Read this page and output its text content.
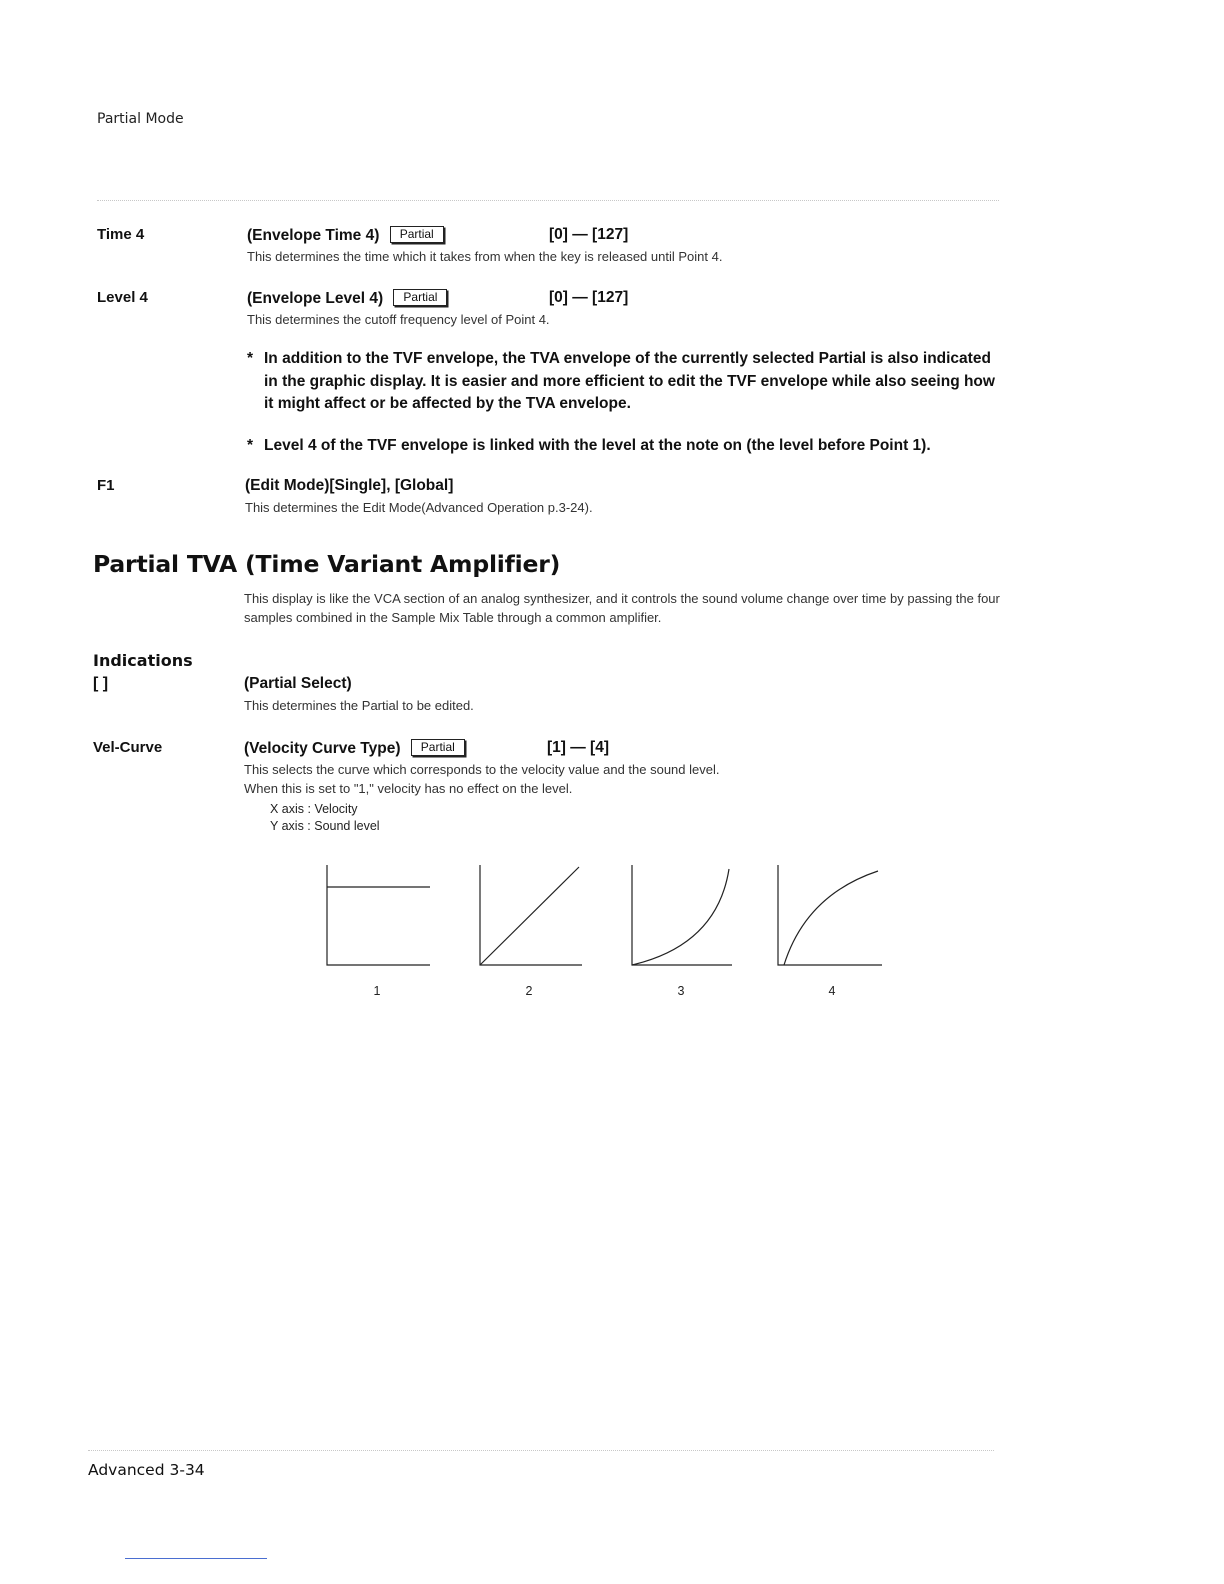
Partial Mode
Time 4	(Envelope Time 4) Partial	[0] — [127]
This determines the time which it takes from when the key is released until Point 4.
Level 4	(Envelope Level 4) Partial	[0] — [127]
This determines the cutoff frequency level of Point 4.
* In addition to the TVF envelope, the TVA envelope of the currently selected Partial is also indicated in the graphic display. It is easier and more efficient to edit the TVF envelope while also seeing how it might affect or be affected by the TVA envelope.
* Level 4 of the TVF envelope is linked with the level at the note on (the level before Point 1).
F1	(Edit Mode)[Single], [Global]
This determines the Edit Mode(Advanced Operation p.3-24).
Partial TVA (Time Variant Amplifier)
This display is like the VCA section of an analog synthesizer, and it controls the sound volume change over time by passing the four samples combined in the Sample Mix Table through a common amplifier.
Indications
[ ]	(Partial Select)
This determines the Partial to be edited.
Vel-Curve	(Velocity Curve Type) Partial	[1] — [4]
This selects the curve which corresponds to the velocity value and the sound level.
When this is set to "1," velocity has no effect on the level.
X axis : Velocity
Y axis : Sound level
1	2	3	4
Advanced 3-34
